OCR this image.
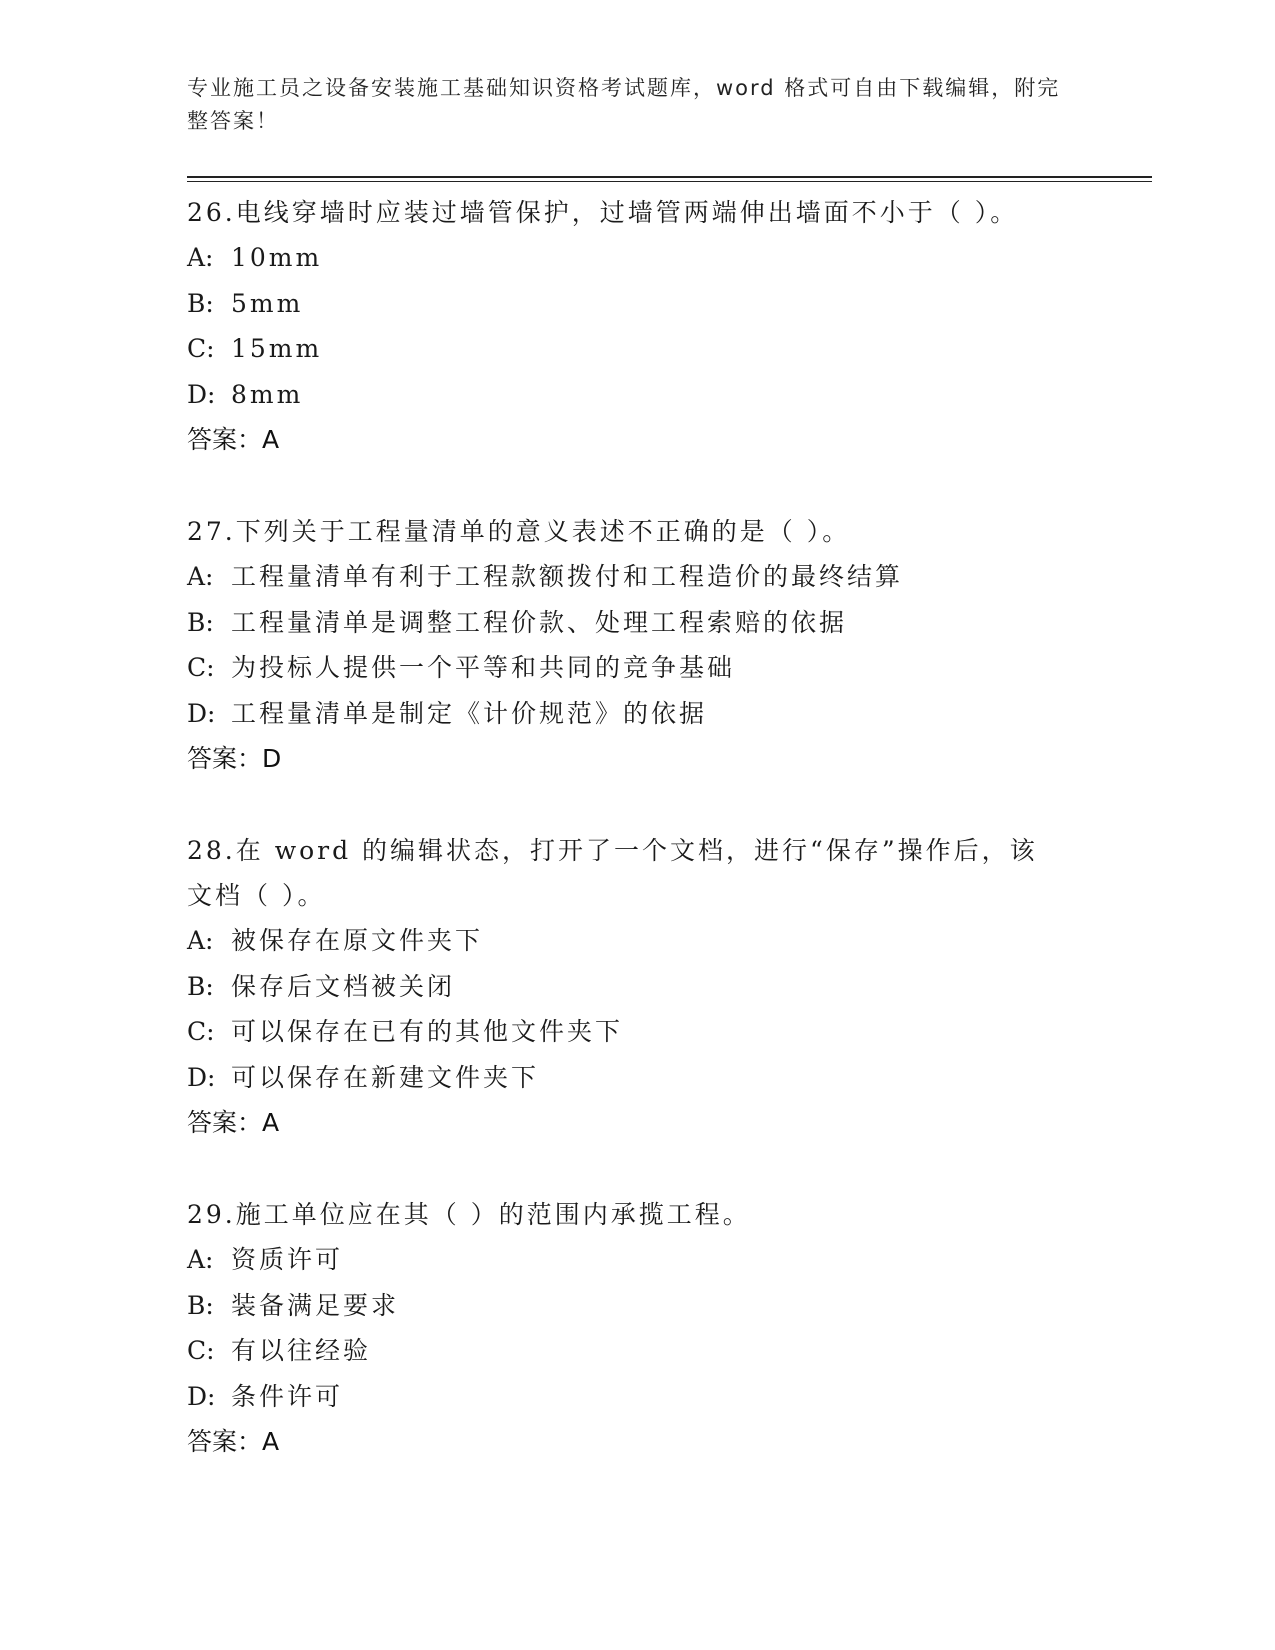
专业施工员之设备安装施工基础知识资格考试题库，word 格式可自由下载编辑，附完整答案！
26.电线穿墙时应装过墙管保护，过墙管两端伸出墙面不小于（ ）。
A: 10mm
B: 5mm
C: 15mm
D: 8mm
答案：A
27.下列关于工程量清单的意义表述不正确的是（ ）。
A: 工程量清单有利于工程款额拨付和工程造价的最终结算
B: 工程量清单是调整工程价款、处理工程索赔的依据
C: 为投标人提供一个平等和共同的竞争基础
D: 工程量清单是制定《计价规范》的依据
答案：D
28.在 word 的编辑状态，打开了一个文档，进行“保存”操作后，该文档（ ）。
A: 被保存在原文件夹下
B: 保存后文档被关闭
C: 可以保存在已有的其他文件夹下
D: 可以保存在新建文件夹下
答案：A
29.施工单位应在其（ ）的范围内承揽工程。
A: 资质许可
B: 装备满足要求
C: 有以往经验
D: 条件许可
答案：A
